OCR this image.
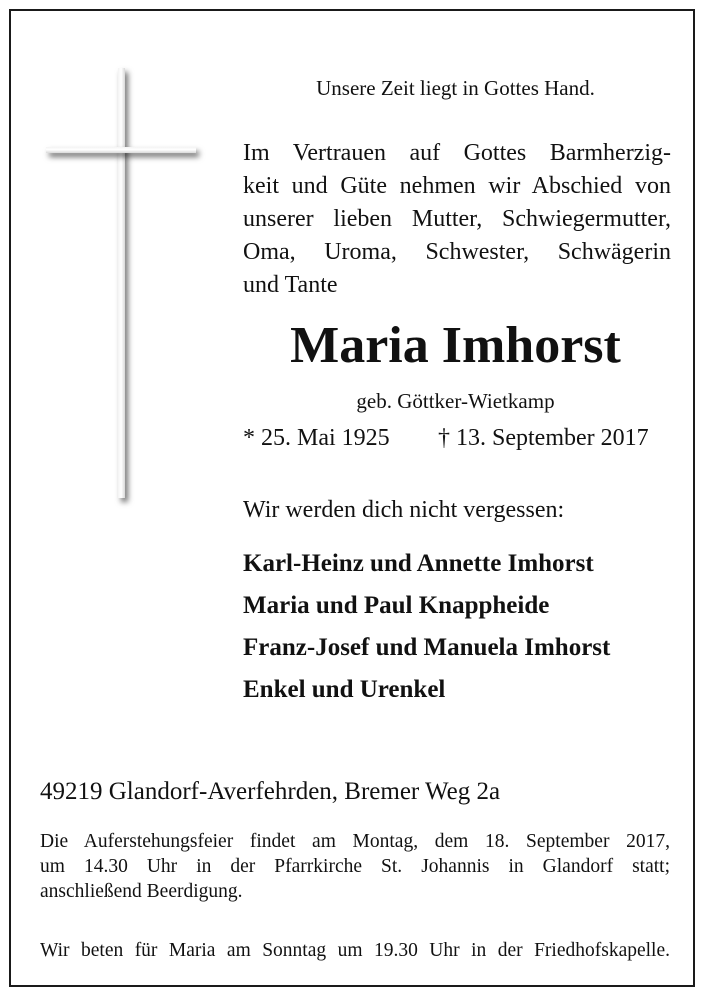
Unsere Zeit liegt in Gottes Hand.

Im Vertrauen auf Gottes Barmherzig-
keit und Güte nehmen wir Abschied von
unserer lieben Mutter, Schwiegermutter,
Oma, Uroma, Schwester, Schwägerin
und Tante

Maria Imhorst

geb. Göttker-Wietkamp

* 25. Mai 1925 † 13. September 2017

Wir werden dich nicht vergessen:

Karl-Heinz und Annette Imhorst
Maria und Paul Knappheide
Franz-Josef und Manuela Imhorst
Enkel und Urenkel

49219 Glandorf-Averfehrden, Bremer Weg 2a

Die Auferstehungsfeier findet am Montag, dem 18. September 2017,
um 14.30 Uhr in der Pfarrkirche St. Johannis in Glandorf statt;
anschließend Beerdigung.

Wir beten für Maria am Sonntag um 19.30 Uhr in der Friedhofskapelle.
